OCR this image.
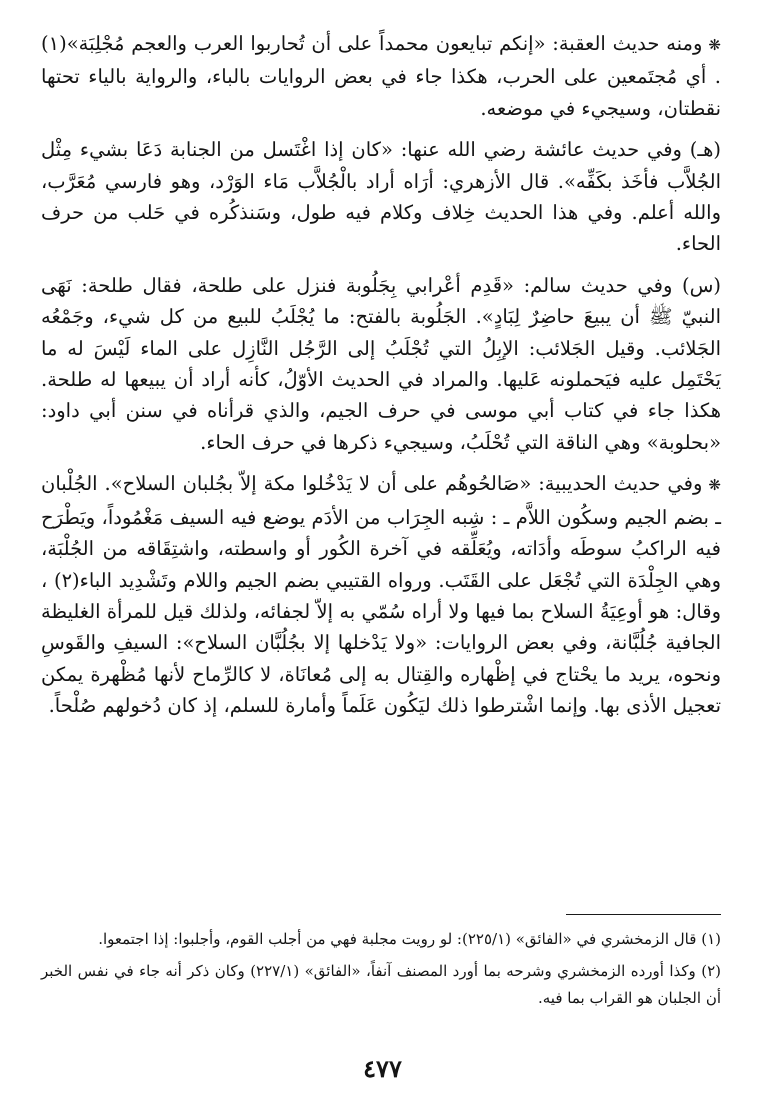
❋ومنه حديث العقبة: «إنكم تبايعون محمداً على أن تُحاربوا العرب والعجم مُجْلِبَة»(١) . أي مُجتَمعين على الحرب، هكذا جاء في بعض الروايات بالباء، والرواية بالياء تحتها نقطتان، وسيجيء في موضعه.

(هـ) وفي حديث عائشة رضي الله عنها: «كان إذا اغْتَسل من الجنابة دَعَا بشيء مِثْل الجُلاَّب فأخَذ بكَفِّه». قال الأزهري: أرَاه أراد بالْجُلاَّب مَاء الوَرْد، وهو فارسي مُعَرَّب، والله أعلم. وفي هذا الحديث خِلاف وكلام فيه طول، وسَنذكُره في حَلب من حرف الحاء.

(س) وفي حديث سالم: «قَدِم أعْرابي بِجَلُوبة فنزل على طلحة، فقال طلحة: نَهَى النبيّ ﷺ أن يبيعَ حاضِرٌ لِبَادٍ». الجَلُوبة بالفتح: ما يُجْلَبُ للبيع من كل شيء، وجَمْعُه الجَلائب. وقيل الجَلائب: الإبِلُ التي تُجْلَبُ إلى الرَّجُل النَّازِل على الماء لَيْسَ له ما يَحْتَمِل عليه فيَحملونه عَليها. والمراد في الحديث الأوّلُ، كأنه أراد أن يبيعها له طلحة. هكذا جاء في كتاب أبي موسى في حرف الجيم، والذي قرأناه في سنن أبي داود: «بحلوبة» وهي الناقة التي تُحْلَبُ، وسيجيء ذكرها في حرف الحاء.

❋وفي حديث الحديبية: «صَالحُوهُم على أن لا يَدْخُلوا مكة إلاّ بجُلبان السلاح». الجُلْبان ـ بضم الجيم وسكُون اللاَّم ـ : شِبه الجِرَاب من الأدَم يوضع فيه السيف مَغْمُوداً، ويَطْرَح فيه الراكبُ سوطَه وأدَاته، ويُعَلِّقه في آخرة الكُور أو واسطته، واشتِقَاقه من الجُلْبَة، وهي الجِلْدَة التي تُجْعَل على القَتَب. ورواه القتيبي بضم الجيم واللام وتَشْدِيد الباء(٢) ، وقال: هو أوعِيَةُ السلاح بما فيها ولا أراه سُمّي به إلاّ لجفائه، ولذلك قيل للمرأة الغليظة الجافية جُلُبَّانة، وفي بعض الروايات: «ولا يَدْخلها إلا بجُلُبَّان السلاح»: السيفِ والقَوسِ ونحوه، يريد ما يحْتاج في إظْهاره والقِتال به إلى مُعانَاة، لا كالرِّماح لأنها مُظْهرة يمكن تعجيل الأذى بها. وإنما اشْترطوا ذلك ليَكُون عَلَماً وأمارة للسلم، إذ كان دُخولهم صُلْحاً.

(١) قال الزمخشري في «الفائق» (٢٢٥/١): لو رويت مجلبة فهي من أجلب القوم، وأجلبوا: إذا اجتمعوا.

(٢) وكذا أورده الزمخشري وشرحه بما أورد المصنف آنفاً، «الفائق» (٢٢٧/١) وكان ذكر أنه جاء في نفس الخبر أن الجلبان هو القراب بما فيه.

٤٧٧
